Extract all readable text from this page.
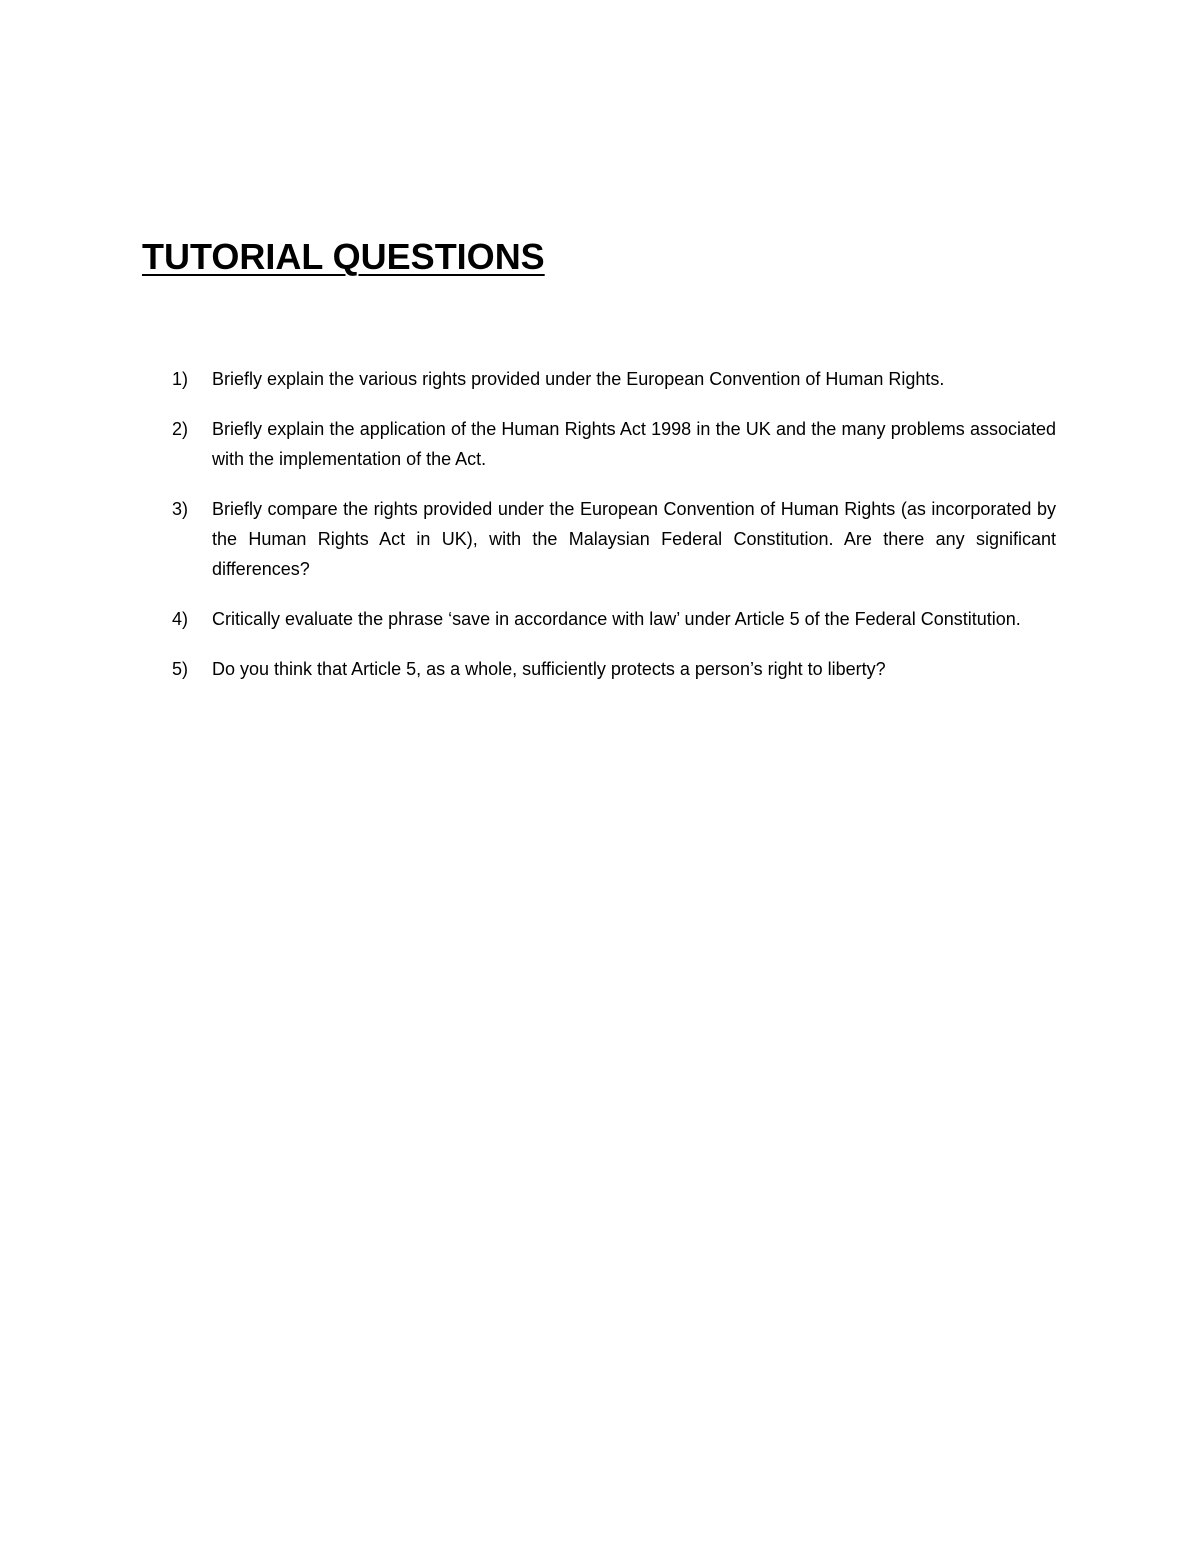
TUTORIAL QUESTIONS
1)	Briefly explain the various rights provided under the European Convention of Human Rights.
2)	Briefly explain the application of the Human Rights Act 1998 in the UK and the many problems associated with the implementation of the Act.
3)	Briefly compare the rights provided under the European Convention of Human Rights (as incorporated by the Human Rights Act in UK), with the Malaysian Federal Constitution. Are there any significant differences?
4)	Critically evaluate the phrase ‘save in accordance with law’ under Article 5 of the Federal Constitution.
5)	Do you think that Article 5, as a whole, sufficiently protects a person’s right to liberty?
